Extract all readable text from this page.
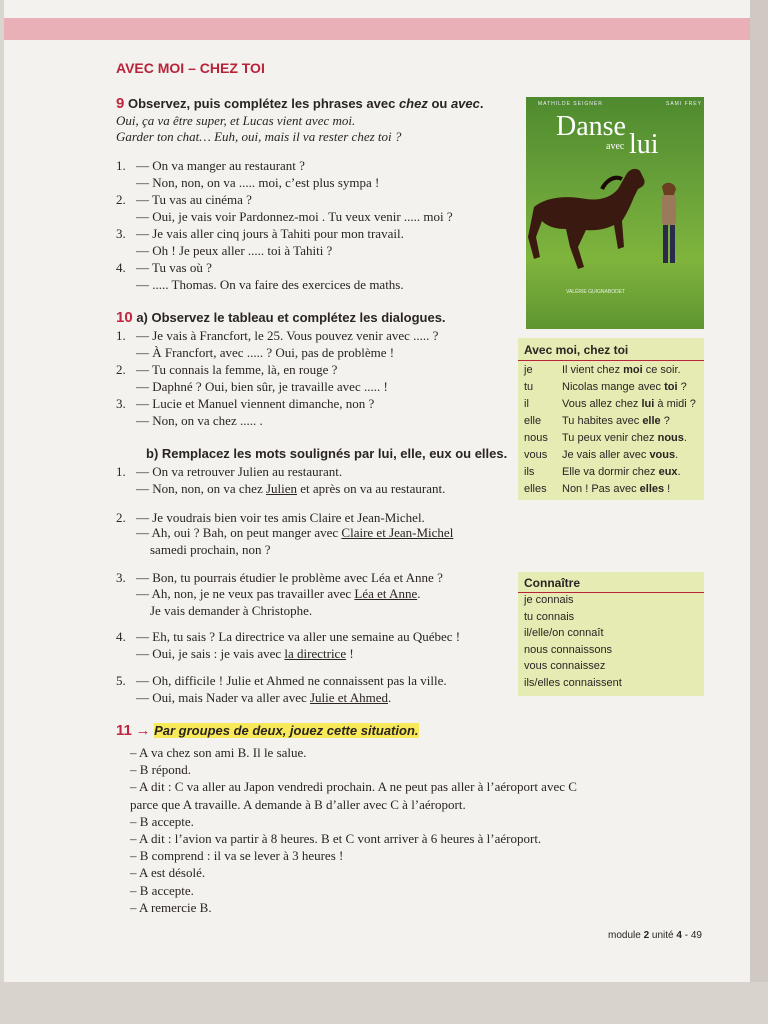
AVEC MOI – CHEZ TOI
9 Observez, puis complétez les phrases avec chez ou avec.
Oui, ça va être super, et Lucas vient avec moi.
Garder ton chat… Euh, oui, mais il va rester chez toi ?
1. — On va manger au restaurant ?
— Non, non, on va ..... moi, c’est plus sympa !
2. — Tu vas au cinéma ?
— Oui, je vais voir Pardonnez-moi . Tu veux venir ..... moi ?
3. — Je vais aller cinq jours à Tahiti pour mon travail.
— Oh ! Je peux aller ..... toi à Tahiti ?
4. — Tu vas où ?
— ..... Thomas. On va faire des exercices de maths.
10 a) Observez le tableau et complétez les dialogues.
1. — Je vais à Francfort, le 25. Vous pouvez venir avec ..... ?
— À Francfort, avec ..... ? Oui, pas de problème !
2. — Tu connais la femme, là, en rouge ?
— Daphné ? Oui, bien sûr, je travaille avec ..... !
3. — Lucie et Manuel viennent dimanche, non ?
— Non, on va chez ..... .
b) Remplacez les mots soulignés par lui, elle, eux ou elles.
1. — On va retrouver Julien au restaurant.
— Non, non, on va chez Julien et après on va au restaurant.
2. — Je voudrais bien voir tes amis Claire et Jean-Michel.
— Ah, oui ? Bah, on peut manger avec Claire et Jean-Michel
samedi prochain, non ?
3. — Bon, tu pourrais étudier le problème avec Léa et Anne ?
— Ah, non, je ne veux pas travailler avec Léa et Anne.
Je vais demander à Christophe.
4. — Eh, tu sais ? La directrice va aller une semaine au Québec !
— Oui, je sais : je vais avec la directrice !
5. — Oh, difficile ! Julie et Ahmed ne connaissent pas la ville.
— Oui, mais Nader va aller avec Julie et Ahmed.
11 → Par groupes de deux, jouez cette situation.
– A va chez son ami B. Il le salue.
– B répond.
– A dit : C va aller au Japon vendredi prochain. A ne peut pas aller à l’aéroport avec C
parce que A travaille. A demande à B d’aller avec C à l’aéroport.
– B accepte.
– A dit : l’avion va partir à 8 heures. B et C vont arriver à 6 heures à l’aéroport.
– B comprend : il va se lever à 3 heures !
– A est désolé.
– B accepte.
– A remercie B.
MATHILDE SEIGNER	SAMI FREY
Danse
avec lui
VALÉRIE GUIGNABODET
Avec moi, chez toi
je	Il vient chez moi ce soir.
tu	Nicolas mange avec toi ?
il	Vous allez chez lui à midi ?
elle Tu habites avec elle ?
nous Tu peux venir chez nous.
vous Je vais aller avec vous.
ils	Elle va dormir chez eux.
elles Non ! Pas avec elles !
Connaître
je connais
tu connais
il/elle/on connaît
nous connaissons
vous connaissez
ils/elles connaissent
module 2 unité 4 - 49
